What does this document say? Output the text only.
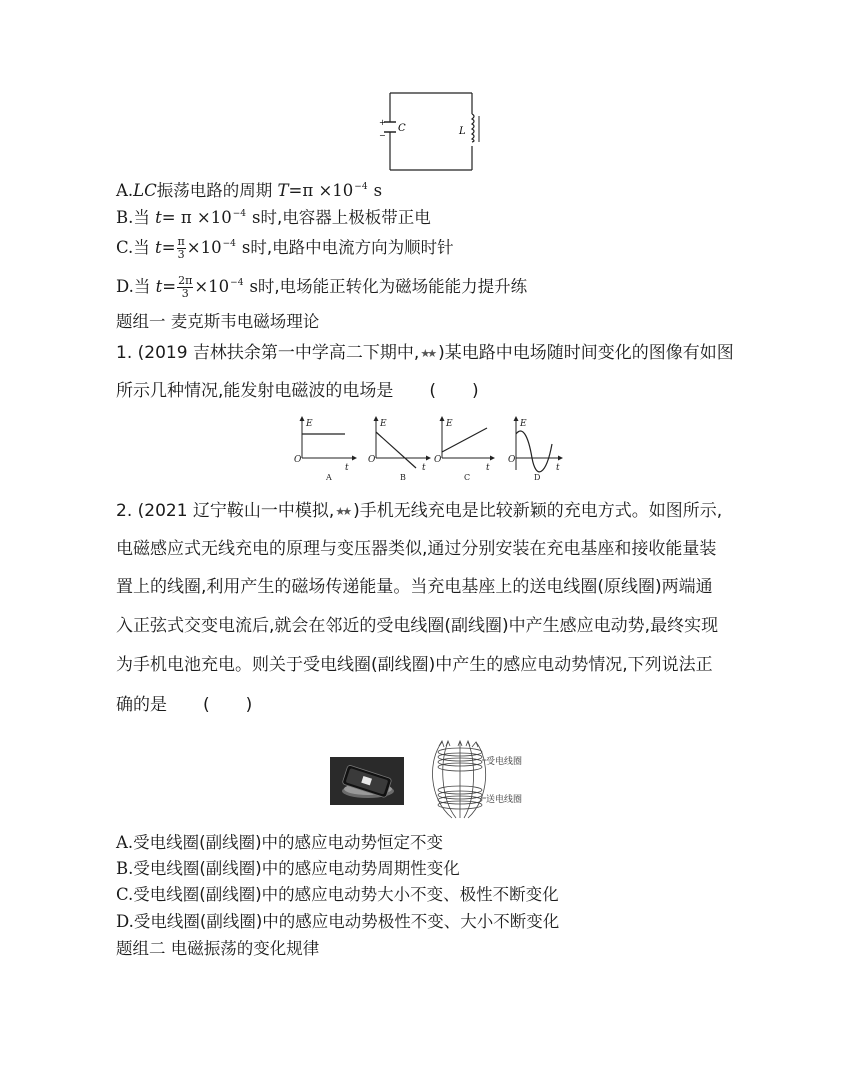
+
−
C	L
A.LC振荡电路的周期 $T=\pi \times 10^{-4}$ s
B.当 $t= \pi \times 10^{-4}$ s时,电容器上极板带正电
C.当 $t= \frac{\pi}{3} \times 10^{-4}$ s时,电路中电流方向为顺时针
D.当 $t= \frac{2\pi}{3} \times 10^{-4}$ s时,电场能正转化为磁场能能力提升练
题组一 麦克斯韦电磁场理论
1. (2019 吉林扶余第一中学高二下期中,★★ )某电路中电场随时间变化的图像有如图
所示几种情况,能发射电磁波的电场是 ( )
E
O
t
E
O
t
E
O
t
E
O
t
A	B	C	D
2. (2021 辽宁鞍山一中模拟,★★ )手机无线充电是比较新颖的充电方式。如图所示,
电磁感应式无线充电的原理与变压器类似,通过分别安装在充电基座和接收能量装
置上的线圈,利用产生的磁场传递能量。当充电基座上的送电线圈(原线圈)两端通
入正弦式交变电流后,就会在邻近的受电线圈(副线圈)中产生感应电动势,最终实现
为手机电池充电。则关于受电线圈(副线圈)中产生的感应电动势情况,下列说法正
确的是 ( )
受电线圈
送电线圈
A.受电线圈(副线圈)中的感应电动势恒定不变
B.受电线圈(副线圈)中的感应电动势周期性变化
C.受电线圈(副线圈)中的感应电动势大小不变、极性不断变化
D.受电线圈(副线圈)中的感应电动势极性不变、大小不断变化
题组二 电磁振荡的变化规律
